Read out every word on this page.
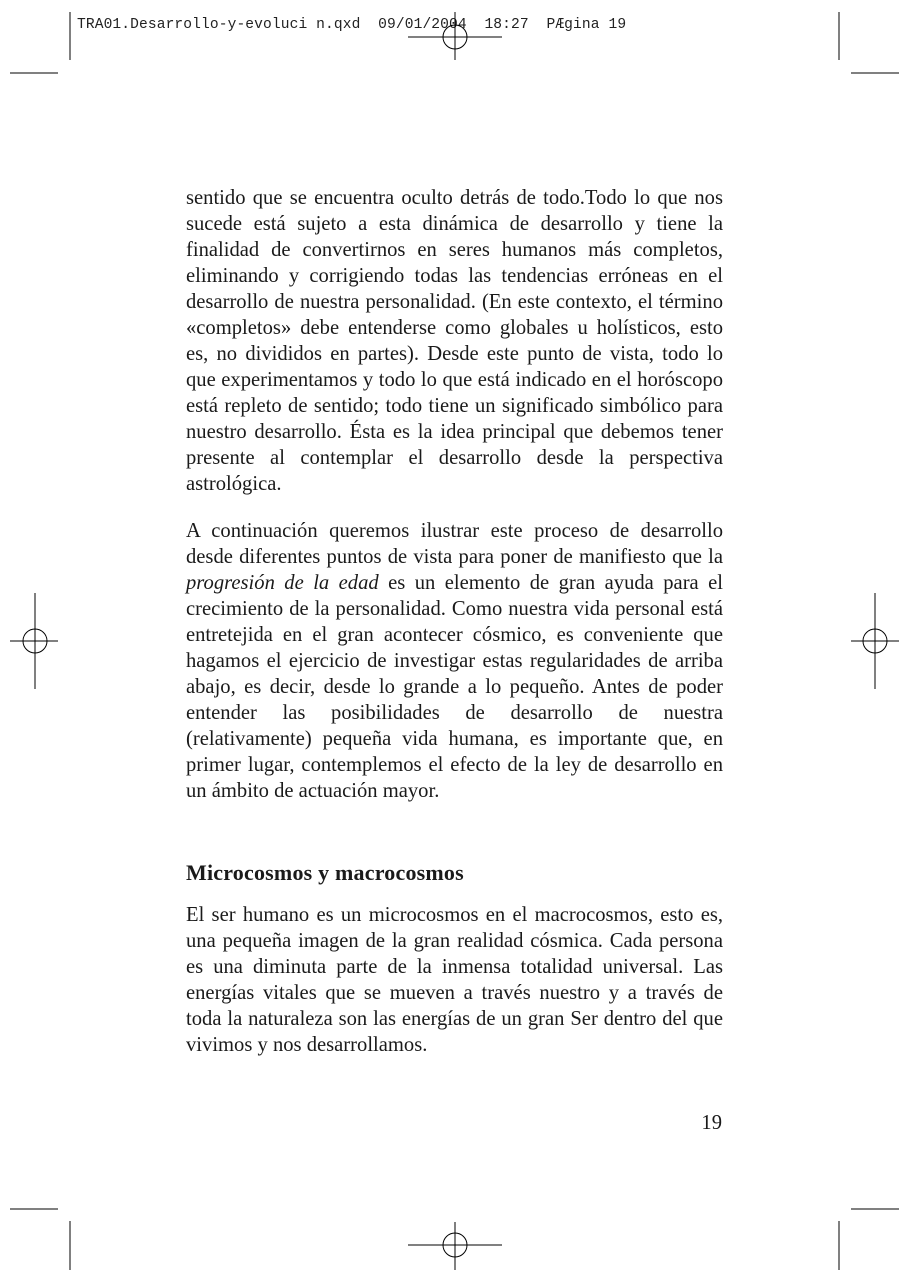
TRA01.Desarrollo-y-evoluci n.qxd  09/01/2004  18:27  PÆgina 19

sentido que se encuentra oculto detrás de todo.Todo lo que nos sucede está sujeto a esta dinámica de desarrollo y tiene la finalidad de convertirnos en seres humanos más completos, eliminando y corrigiendo todas las tendencias erróneas en el desarrollo de nuestra personalidad. (En este contexto, el término «completos» debe entenderse como globales u holísticos, esto es, no divididos en partes). Desde este punto de vista, todo lo que experimentamos y todo lo que está indicado en el horóscopo está repleto de sentido; todo tiene un significado simbólico para nuestro desarrollo. Ésta es la idea principal que debemos tener presente al contemplar el desarrollo desde la perspectiva astrológica.

A continuación queremos ilustrar este proceso de desarrollo desde diferentes puntos de vista para poner de manifiesto que la progresión de la edad es un elemento de gran ayuda para el crecimiento de la personalidad. Como nuestra vida personal está entretejida en el gran acontecer cósmico, es conveniente que hagamos el ejercicio de investigar estas regularidades de arriba abajo, es decir, desde lo grande a lo pequeño. Antes de poder entender las posibilidades de desarrollo de nuestra (relativamente) pequeña vida humana, es importante que, en primer lugar, contemplemos el efecto de la ley de desarrollo en un ámbito de actuación mayor.

Microcosmos y macrocosmos

El ser humano es un microcosmos en el macrocosmos, esto es, una pequeña imagen de la gran realidad cósmica. Cada persona es una diminuta parte de la inmensa totalidad universal. Las energías vitales que se mueven a través nuestro y a través de toda la naturaleza son las energías de un gran Ser dentro del que vivimos y nos desarrollamos.

19
